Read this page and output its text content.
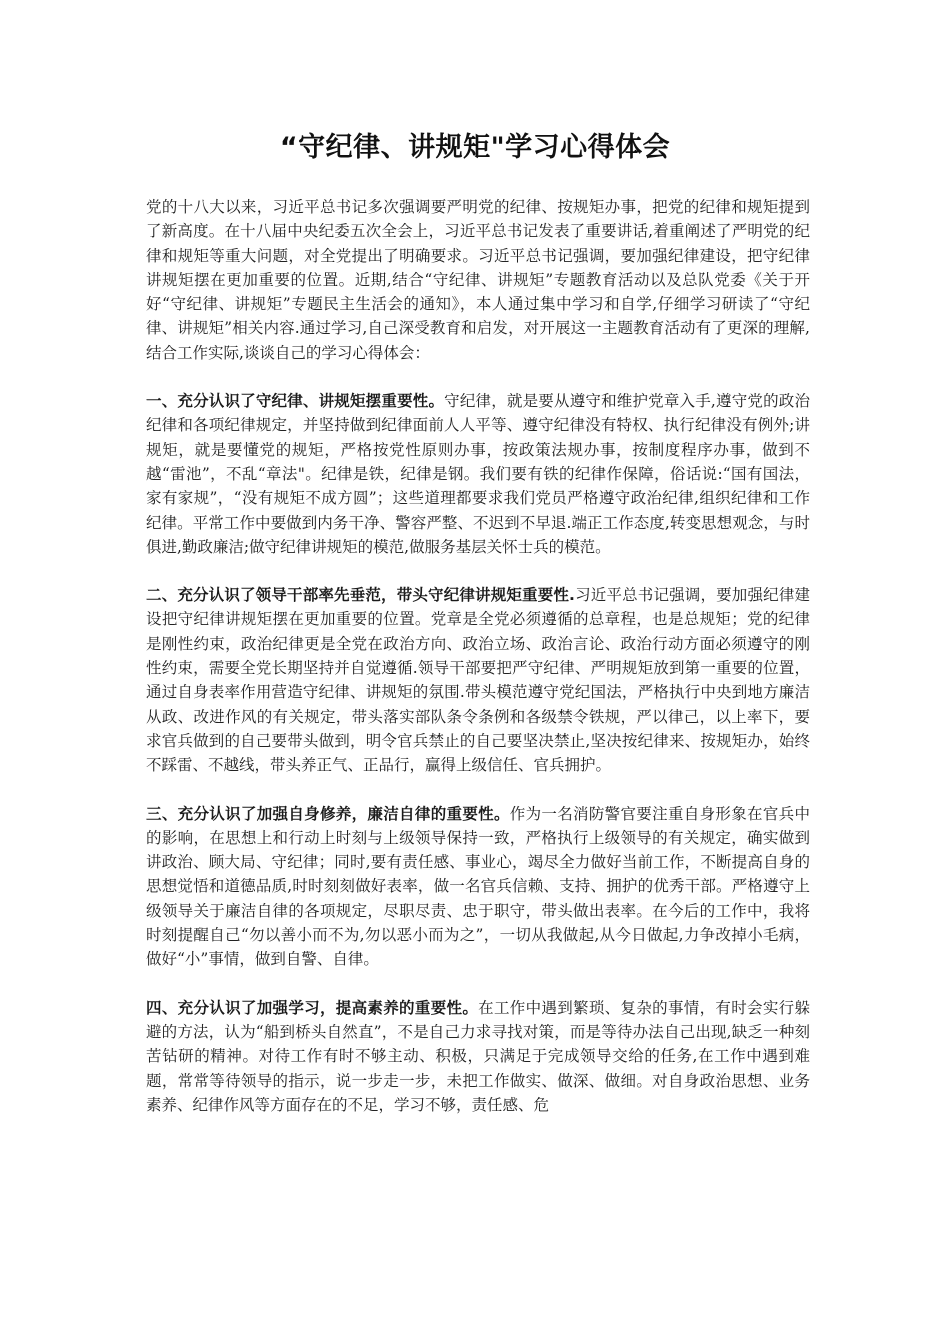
“守纪律、讲规矩"学习心得体会

党的十八大以来，习近平总书记多次强调要严明党的纪律、按规矩办事，把党的纪律和规矩提到了新高度。在十八届中央纪委五次全会上，习近平总书记发表了重要讲话,着重阐述了严明党的纪律和规矩等重大问题，对全党提出了明确要求。习近平总书记强调，要加强纪律建设，把守纪律讲规矩摆在更加重要的位置。近期,结合“守纪律、讲规矩”专题教育活动以及总队党委《关于开好“守纪律、讲规矩”专题民主生活会的通知》，本人通过集中学习和自学,仔细学习研读了“守纪律、讲规矩”相关内容.通过学习,自己深受教育和启发，对开展这一主题教育活动有了更深的理解,结合工作实际,谈谈自己的学习心得体会：

一、充分认识了守纪律、讲规矩摆重要性。守纪律，就是要从遵守和维护党章入手,遵守党的政治纪律和各项纪律规定，并坚持做到纪律面前人人平等、遵守纪律没有特权、执行纪律没有例外;讲规矩，就是要懂党的规矩，严格按党性原则办事，按政策法规办事，按制度程序办事，做到不越“雷池”，不乱“章法"。纪律是铁，纪律是钢。我们要有铁的纪律作保障，俗话说:“国有国法，家有家规”，“没有规矩不成方圆”；这些道理都要求我们党员严格遵守政治纪律,组织纪律和工作纪律。平常工作中要做到内务干净、警容严整、不迟到不早退.端正工作态度,转变思想观念，与时俱进,勤政廉洁;做守纪律讲规矩的模范,做服务基层关怀士兵的模范。

二、充分认识了领导干部率先垂范，带头守纪律讲规矩重要性.习近平总书记强调，要加强纪律建设把守纪律讲规矩摆在更加重要的位置。党章是全党必须遵循的总章程，也是总规矩；党的纪律是刚性约束，政治纪律更是全党在政治方向、政治立场、政治言论、政治行动方面必须遵守的刚性约束，需要全党长期坚持并自觉遵循.领导干部要把严守纪律、严明规矩放到第一重要的位置，通过自身表率作用营造守纪律、讲规矩的氛围.带头模范遵守党纪国法，严格执行中央到地方廉洁从政、改进作风的有关规定，带头落实部队条令条例和各级禁令铁规，严以律己，以上率下，要求官兵做到的自己要带头做到，明令官兵禁止的自己要坚决禁止,坚决按纪律来、按规矩办，始终不踩雷、不越线，带头养正气、正品行，赢得上级信任、官兵拥护。

三、充分认识了加强自身修养，廉洁自律的重要性。作为一名消防警官要注重自身形象在官兵中的影响，在思想上和行动上时刻与上级领导保持一致，严格执行上级领导的有关规定，确实做到讲政治、顾大局、守纪律；同时,要有责任感、事业心，竭尽全力做好当前工作，不断提高自身的思想觉悟和道德品质,时时刻刻做好表率，做一名官兵信赖、支持、拥护的优秀干部。严格遵守上级领导关于廉洁自律的各项规定，尽职尽责、忠于职守，带头做出表率。在今后的工作中，我将时刻提醒自己“勿以善小而不为,勿以恶小而为之”，一切从我做起,从今日做起,力争改掉小毛病，做好“小”事情，做到自警、自律。

四、充分认识了加强学习，提高素养的重要性。在工作中遇到繁琐、复杂的事情，有时会实行躲避的方法，认为“船到桥头自然直”，不是自己力求寻找对策，而是等待办法自己出现,缺乏一种刻苦钻研的精神。对待工作有时不够主动、积极，只满足于完成领导交给的任务,在工作中遇到难题，常常等待领导的指示，说一步走一步，未把工作做实、做深、做细。对自身政治思想、业务素养、纪律作风等方面存在的不足，学习不够，责任感、危
